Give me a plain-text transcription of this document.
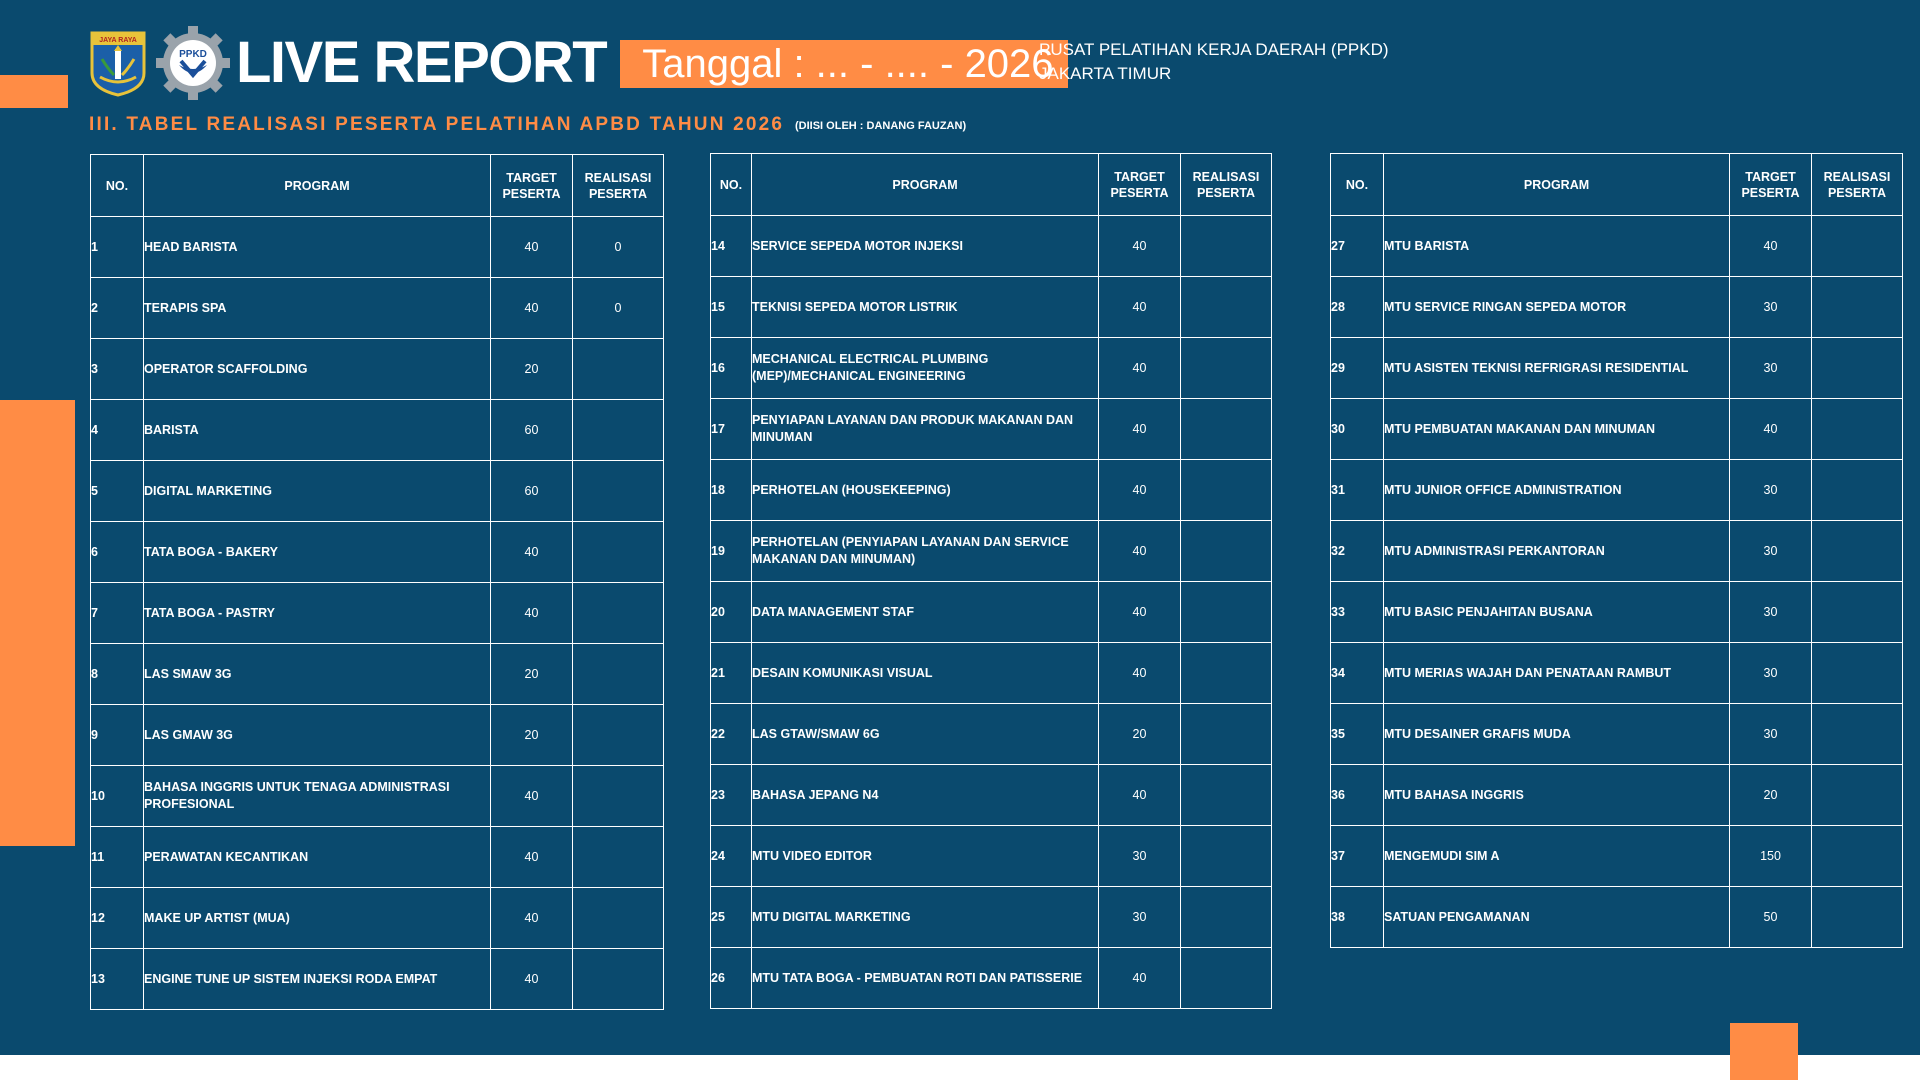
JAYA RAYA
PPKD LIVE REPORT Tanggal : ... - .... - 2026
PUSAT PELATIHAN KERJA DAERAH (PPKD)
JAKARTA TIMUR
III. TABEL REALISASI PESERTA PELATIHAN APBD TAHUN 2026 (DIISI OLEH : DANANG FAUZAN)
NO.	PROGRAM	TARGET PESERTA	REALISASI PESERTA
1	HEAD BARISTA	40	0
2	TERAPIS SPA	40	0
3	OPERATOR SCAFFOLDING	20	
4	BARISTA	60	
5	DIGITAL MARKETING	60	
6	TATA BOGA - BAKERY	40	
7	TATA BOGA - PASTRY	40	
8	LAS SMAW 3G	20	
9	LAS GMAW 3G	20	
10	BAHASA INGGRIS UNTUK TENAGA ADMINISTRASI PROFESIONAL	40	
11	PERAWATAN KECANTIKAN	40	
12	MAKE UP ARTIST (MUA)	40	
13	ENGINE TUNE UP SISTEM INJEKSI RODA EMPAT	40	
NO.	PROGRAM	TARGET PESERTA	REALISASI PESERTA
14	SERVICE SEPEDA MOTOR INJEKSI	40	
15	TEKNISI SEPEDA MOTOR LISTRIK	40	
16	MECHANICAL ELECTRICAL PLUMBING (MEP)/MECHANICAL ENGINEERING	40	
17	PENYIAPAN LAYANAN DAN PRODUK MAKANAN DAN MINUMAN	40	
18	PERHOTELAN (HOUSEKEEPING)	40	
19	PERHOTELAN (PENYIAPAN LAYANAN DAN SERVICE MAKANAN DAN MINUMAN)	40	
20	DATA MANAGEMENT STAF	40	
21	DESAIN KOMUNIKASI VISUAL	40	
22	LAS GTAW/SMAW 6G	20	
23	BAHASA JEPANG N4	40	
24	MTU VIDEO EDITOR	30	
25	MTU DIGITAL MARKETING	30	
26	MTU TATA BOGA - PEMBUATAN ROTI DAN PATISSERIE	40	
NO.	PROGRAM	TARGET PESERTA	REALISASI PESERTA
27	MTU BARISTA	40	
28	MTU SERVICE RINGAN SEPEDA MOTOR	30	
29	MTU ASISTEN TEKNISI REFRIGRASI RESIDENTIAL	30	
30	MTU PEMBUATAN MAKANAN DAN MINUMAN	40	
31	MTU JUNIOR OFFICE ADMINISTRATION	30	
32	MTU ADMINISTRASI PERKANTORAN	30	
33	MTU BASIC PENJAHITAN BUSANA	30	
34	MTU MERIAS WAJAH DAN PENATAAN RAMBUT	30	
35	MTU DESAINER GRAFIS MUDA	30	
36	MTU BAHASA INGGRIS	20	
37	MENGEMUDI SIM A	150	
38	SATUAN PENGAMANAN	50	
